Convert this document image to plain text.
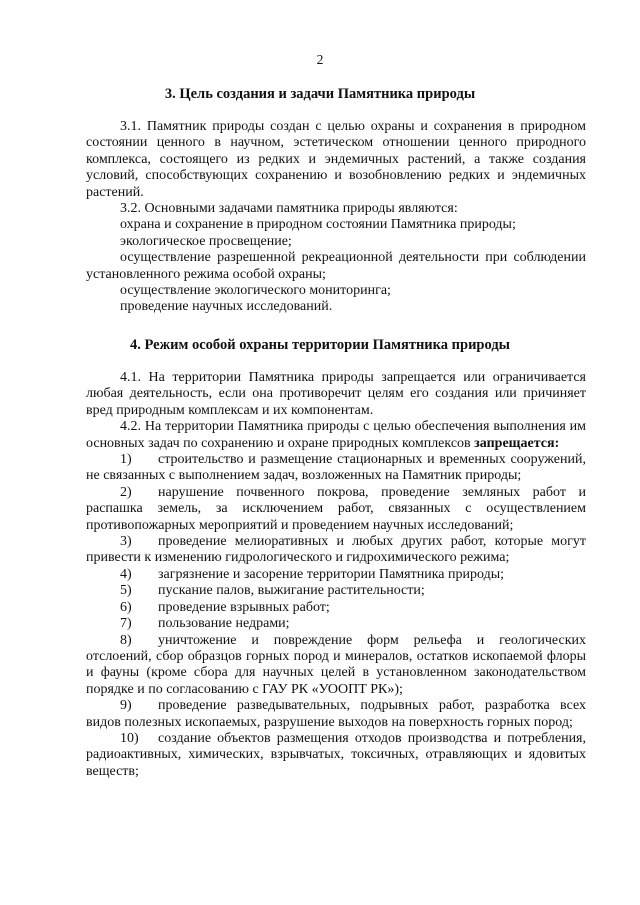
2
3. Цель создания и задачи Памятника природы

3.1. Памятник природы создан с целью охраны и сохранения в природном состоянии ценного в научном, эстетическом отношении ценного природного комплекса, состоящего из редких и эндемичных растений, а также создания условий, способствующих сохранению и возобновлению редких и эндемичных растений.

3.2. Основными задачами памятника природы являются:

охрана и сохранение в природном состоянии Памятника природы;

экологическое просвещение;

осуществление разрешенной рекреационной деятельности при соблюдении установленного режима особой охраны;

осуществление экологического мониторинга;

проведение научных исследований.

4. Режим особой охраны территории Памятника природы

4.1. На территории Памятника природы запрещается или ограничивается любая деятельность, если она противоречит целям его создания или причиняет вред природным комплексам и их компонентам.

4.2. На территории Памятника природы с целью обеспечения выполнения им основных задач по сохранению и охране природных комплексов запрещается:

1) строительство и размещение стационарных и временных сооружений, не связанных с выполнением задач, возложенных на Памятник природы;

2) нарушение почвенного покрова, проведение земляных работ и распашка земель, за исключением работ, связанных с осуществлением противопожарных мероприятий и проведением научных исследований;

3) проведение мелиоративных и любых других работ, которые могут привести к изменению гидрологического и гидрохимического режима;

4) загрязнение и засорение территории Памятника природы;

5) пускание палов, выжигание растительности;

6) проведение взрывных работ;

7) пользование недрами;

8) уничтожение и повреждение форм рельефа и геологических отслоений, сбор образцов горных пород и минералов, остатков ископаемой флоры и фауны (кроме сбора для научных целей в установленном законодательством порядке и по согласованию с ГАУ РК «УООПТ РК»);

9) проведение разведывательных, подрывных работ, разработка всех видов полезных ископаемых, разрушение выходов на поверхность горных пород;

10) создание объектов размещения отходов производства и потребления, радиоактивных, химических, взрывчатых, токсичных, отравляющих и ядовитых веществ;
